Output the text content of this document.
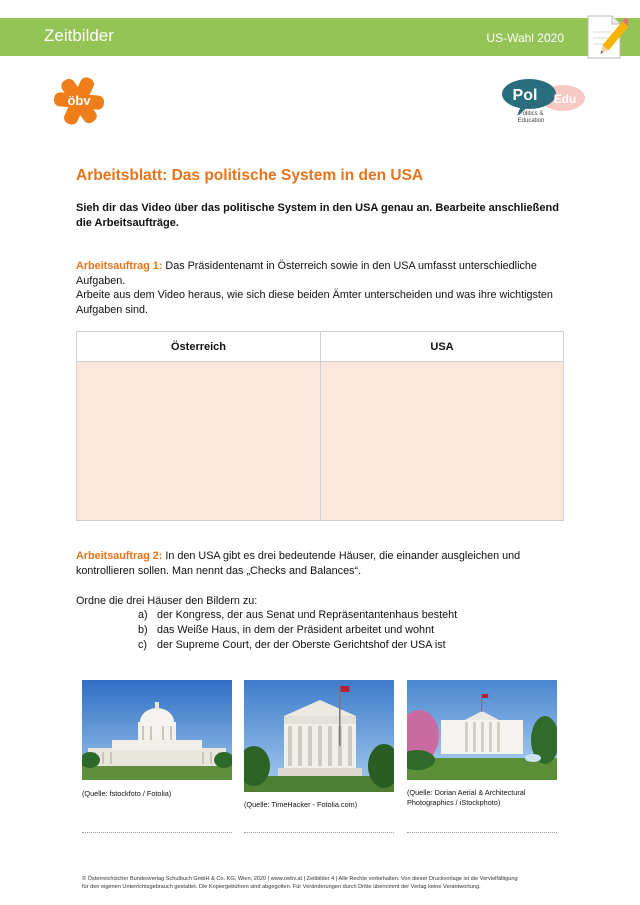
Zeitbilder	US-Wahl 2020
öbv	Pol Edu
Politics &
Education
Arbeitsblatt: Das politische System in den USA
Sieh dir das Video über das politische System in den USA genau an. Bearbeite anschließend die Arbeitsaufträge.
Arbeitsauftrag 1: Das Präsidentenamt in Österreich sowie in den USA umfasst unterschiedliche Aufgaben.
Arbeite aus dem Video heraus, wie sich diese beiden Ämter unterscheiden und was ihre wichtigsten Aufgaben sind.
Österreich	USA
Arbeitsauftrag 2: In den USA gibt es drei bedeutende Häuser, die einander ausgleichen und kontrollieren sollen. Man nennt das „Checks and Balances“.
Ordne die drei Häuser den Bildern zu:
a) der Kongress, der aus Senat und Repräsentantenhaus besteht
b) das Weiße Haus, in dem der Präsident arbeitet und wohnt
c) der Supreme Court, der der Oberste Gerichtshof der USA ist
(Quelle: fstockfoto / Fotolia)
(Quelle: TimeHacker - Fotolia.com)
(Quelle: Dorian Aerial & Architectural Photographics / iStockphoto)
© Österreichischer Bundesverlag Schulbuch GmbH & Co. KG, Wien, 2020 | www.oebv.at | Zeitbilder 4 | Alle Rechte vorbehalten. Von dieser Druckvorlage ist die Vervielfältigung
für den eigenen Unterrichtsgebrauch gestattet. Die Kopiergebühren sind abgegolten. Für Veränderungen durch Dritte übernimmt der Verlag keine Verantwortung.
